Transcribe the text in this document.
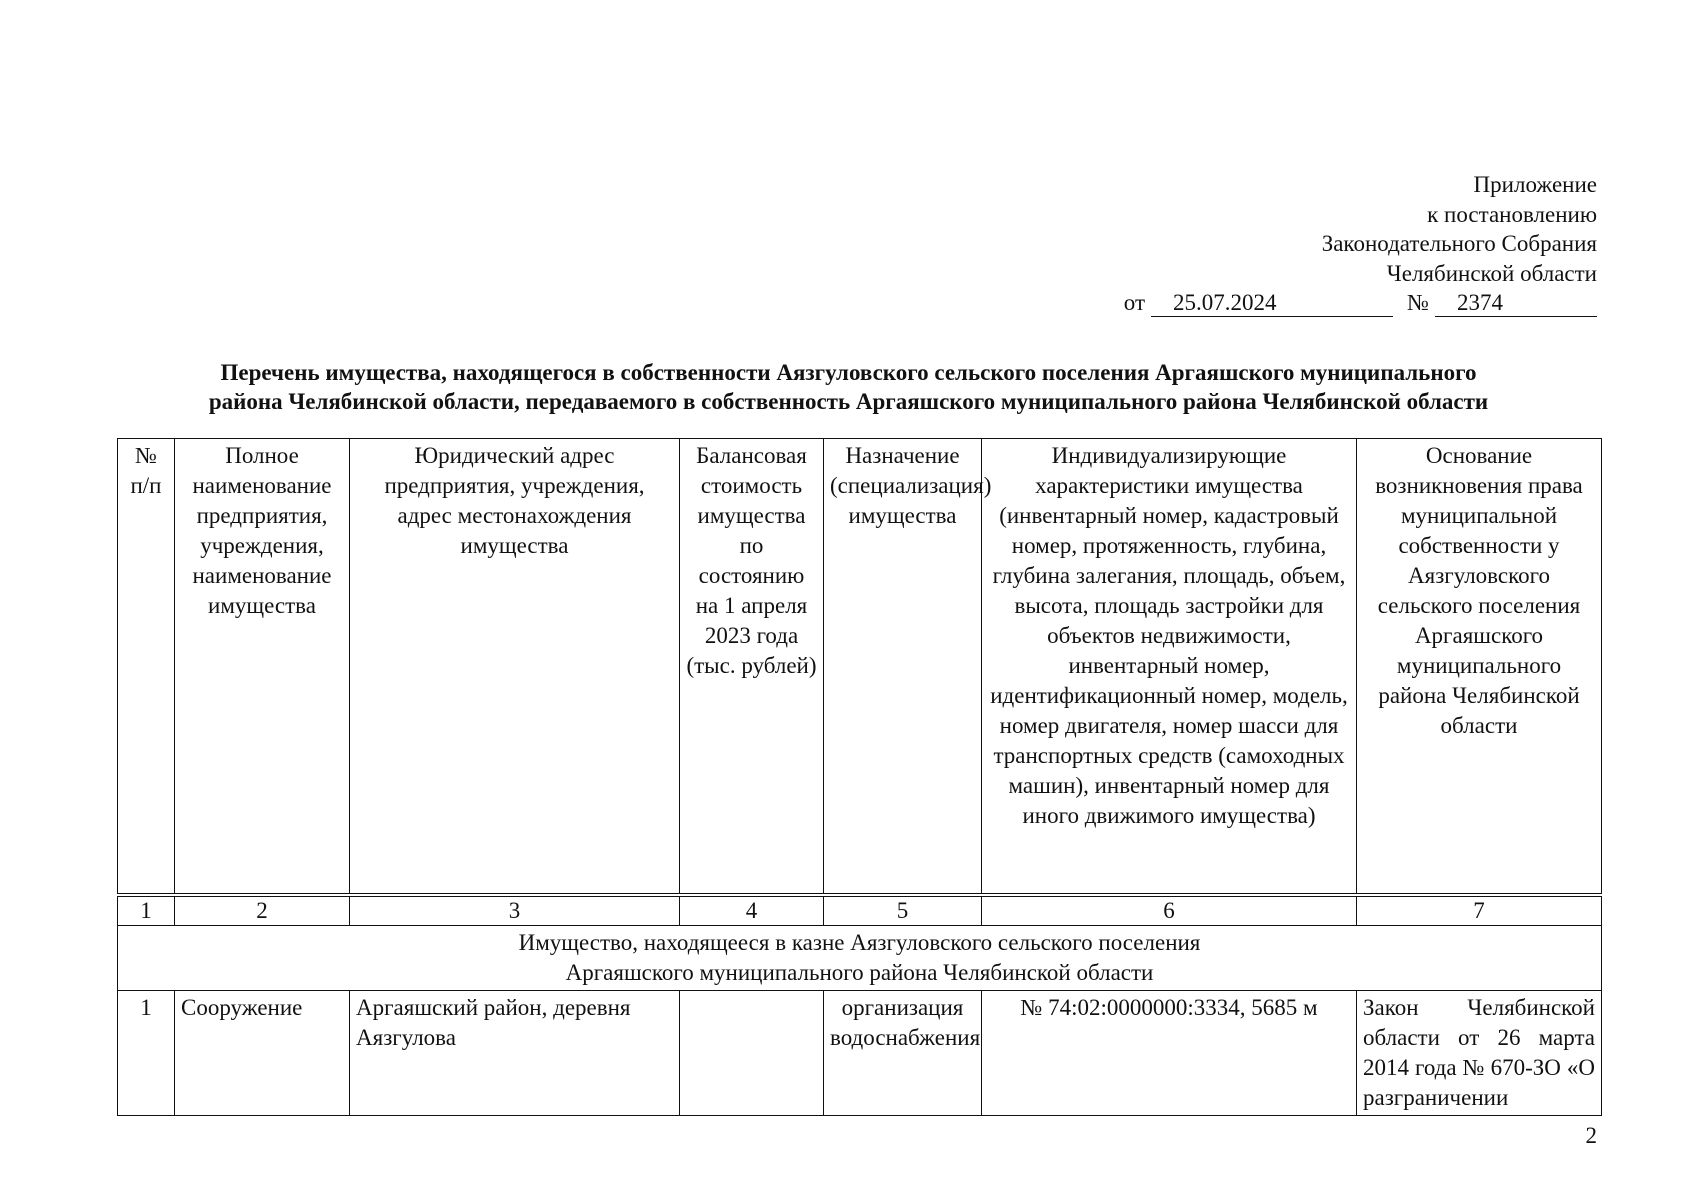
Приложение
к постановлению
Законодательного Собрания
Челябинской области
от	25.07.2024	№	2374
Перечень имущества, находящегося в собственности Аязгуловского сельского поселения Аргаяшского муниципального
района Челябинской области, передаваемого в собственность Аргаяшского муниципального района Челябинской области
№ п/п	Полное наименование предприятия, учреждения, наименование имущества	Юридический адрес предприятия, учреждения, адрес местонахождения имущества	Балансовая стоимость имущества по состоянию на 1 апреля 2023 года (тыс. рублей)	Назначение (специализация) имущества	Индивидуализирующие характеристики имущества (инвентарный номер, кадастровый номер, протяженность, глубина, глубина залегания, площадь, объем, высота, площадь застройки для объектов недвижимости, инвентарный номер, идентификационный номер, модель, номер двигателя, номер шасси для транспортных средств (самоходных машин), инвентарный номер для иного движимого имущества)	Основание возникновения права муниципальной собственности у Аязгуловского сельского поселения Аргаяшского муниципального района Челябинской области
1	2	3	4	5	6	7

Имущество, находящееся в казне Аязгуловского сельского поселения
Аргаяшского муниципального района Челябинской области						

1	Сооружение	Аргаяшский район, деревня Аязгулова		организация водоснабжения	№ 74:02:0000000:3334, 5685 м	Закон Челябинской области от 26 марта 2014 года № 670-ЗО «О разграничении
2
